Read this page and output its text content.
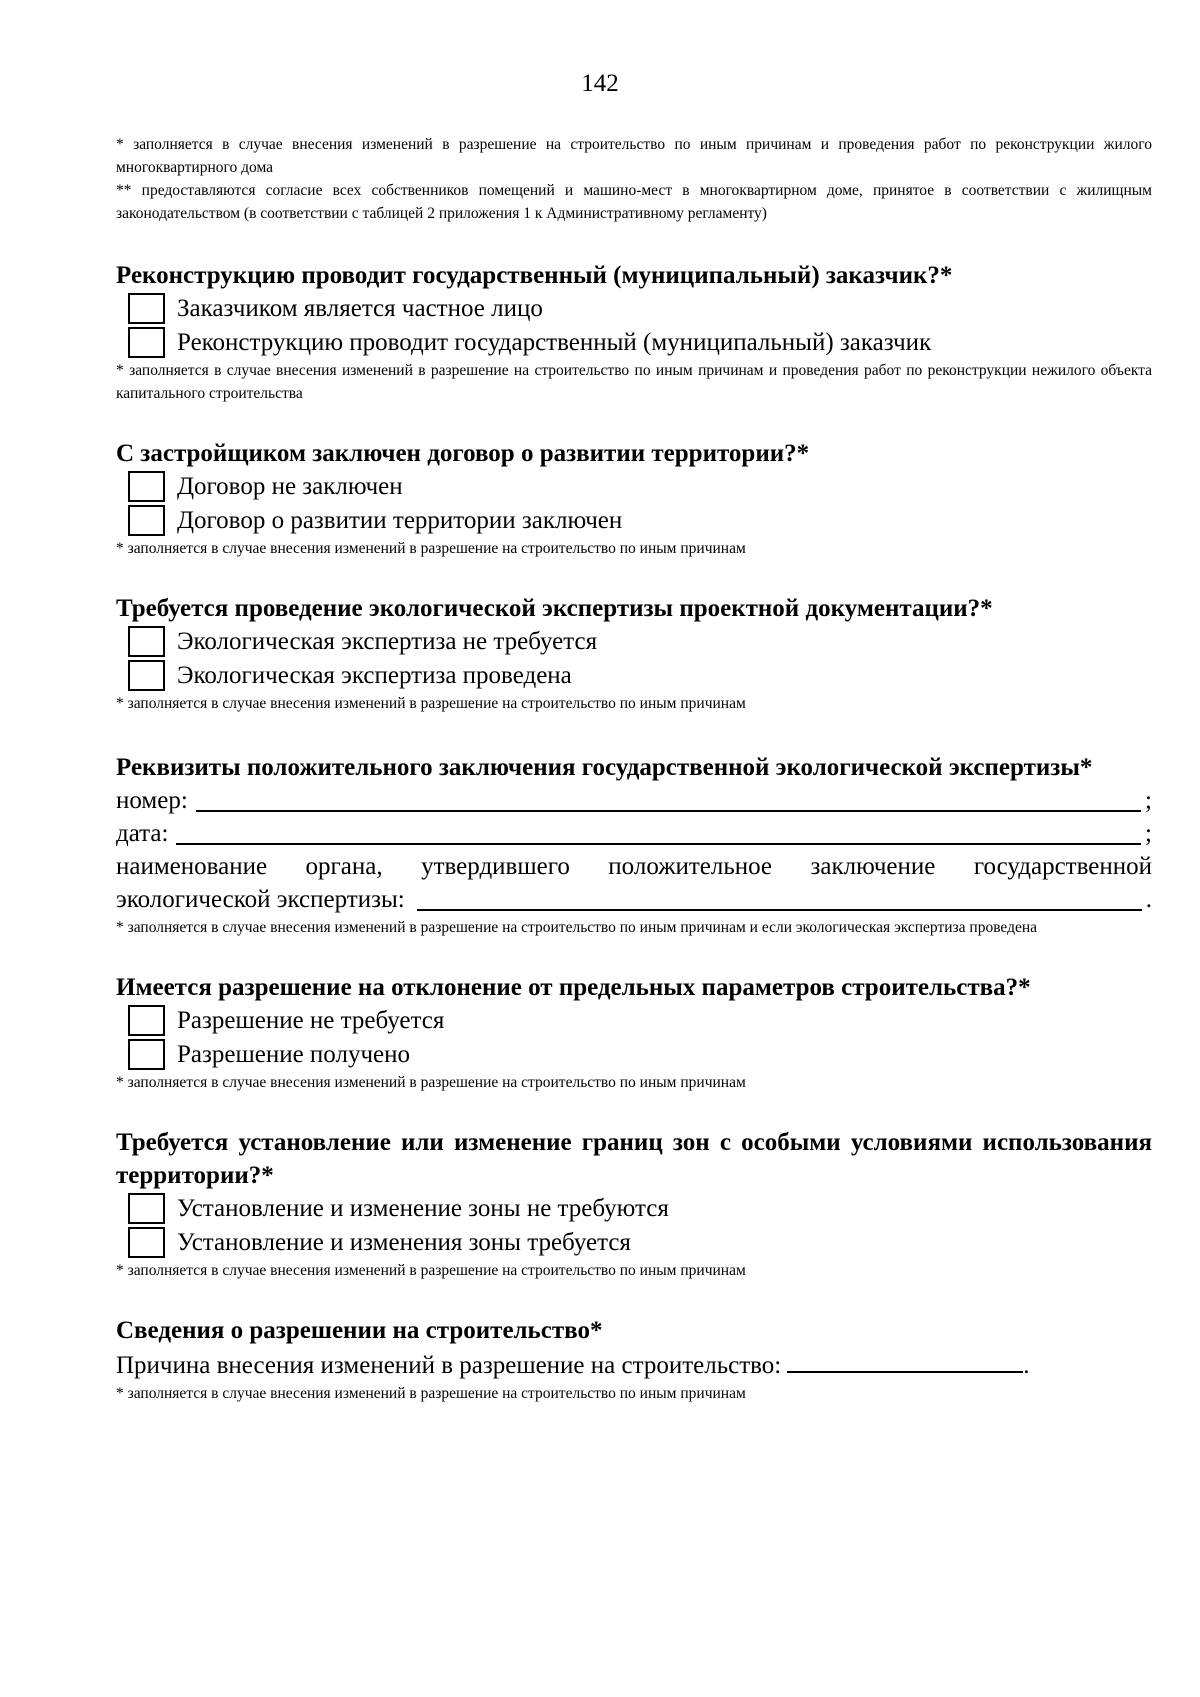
142

* заполняется в случае внесения изменений в разрешение на строительство по иным причинам и проведения работ по реконструкции жилого многоквартирного дома

** предоставляются согласие всех собственников помещений и машино-мест в многоквартирном доме, принятое в соответствии с жилищным законодательством (в соответствии с таблицей 2 приложения 1 к Административному регламенту)

Реконструкцию проводит государственный (муниципальный) заказчик?*

Заказчиком является частное лицо
Реконструкцию проводит государственный (муниципальный) заказчик

* заполняется в случае внесения изменений в разрешение на строительство по иным причинам и проведения работ по реконструкции нежилого объекта капитального строительства

С застройщиком заключен договор о развитии территории?*

Договор не заключен
Договор о развитии территории заключен

* заполняется в случае внесения изменений в разрешение на строительство по иным причинам

Требуется проведение экологической экспертизы проектной документации?*

Экологическая экспертиза не требуется
Экологическая экспертиза проведена

* заполняется в случае внесения изменений в разрешение на строительство по иным причинам

Реквизиты положительного заключения государственной экологической экспертизы*

номер:	;
дата:	;

наименование органа, утвердившего положительное заключение государственной

экологической экспертизы:	.

* заполняется в случае внесения изменений в разрешение на строительство по иным причинам и если экологическая экспертиза проведена

Имеется разрешение на отклонение от предельных параметров строительства?*

Разрешение не требуется
Разрешение получено

* заполняется в случае внесения изменений в разрешение на строительство по иным причинам

Требуется установление или изменение границ зон с особыми условиями использования территории?*

Установление и изменение зоны не требуются
Установление и изменения зоны требуется

* заполняется в случае внесения изменений в разрешение на строительство по иным причинам

Сведения о разрешении на строительство*

Причина внесения изменений в разрешение на строительство:	.

* заполняется в случае внесения изменений в разрешение на строительство по иным причинам
